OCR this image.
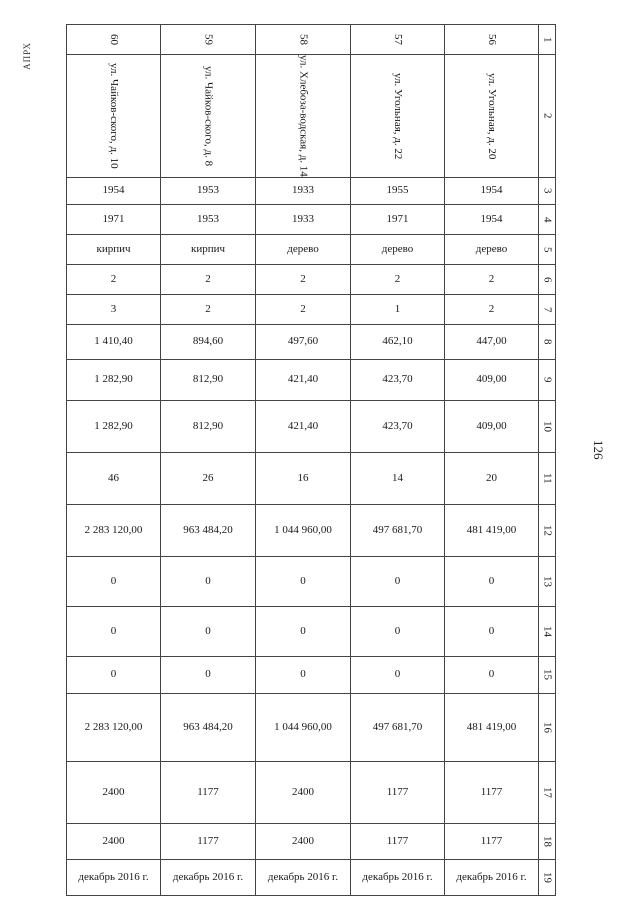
АПРХ
126
60	59	58	57	56	1
ул. Чайков-ского, д. 10	ул. Чайков-ского, д. 8	ул. Хлебоза-водская, д. 14	ул. Угольная, д. 22	ул. Угольная, д. 20	2
1954	1953	1933	1955	1954	3
1971	1953	1933	1971	1954	4
кирпич	кирпич	дерево	дерево	дерево	5
2	2	2	2	2	6
3	2	2	1	2	7
1 410,40	894,60	497,60	462,10	447,00	8
1 282,90	812,90	421,40	423,70	409,00	9
1 282,90	812,90	421,40	423,70	409,00	10
46	26	16	14	20	11
2 283 120,00	963 484,20	1 044 960,00	497 681,70	481 419,00	12
0	0	0	0	0	13
0	0	0	0	0	14
0	0	0	0	0	15
2 283 120,00	963 484,20	1 044 960,00	497 681,70	481 419,00	16
2400	1177	2400	1177	1177	17
2400	1177	2400	1177	1177	18
декабрь 2016 г.	декабрь 2016 г.	декабрь 2016 г.	декабрь 2016 г.	декабрь 2016 г.	19
